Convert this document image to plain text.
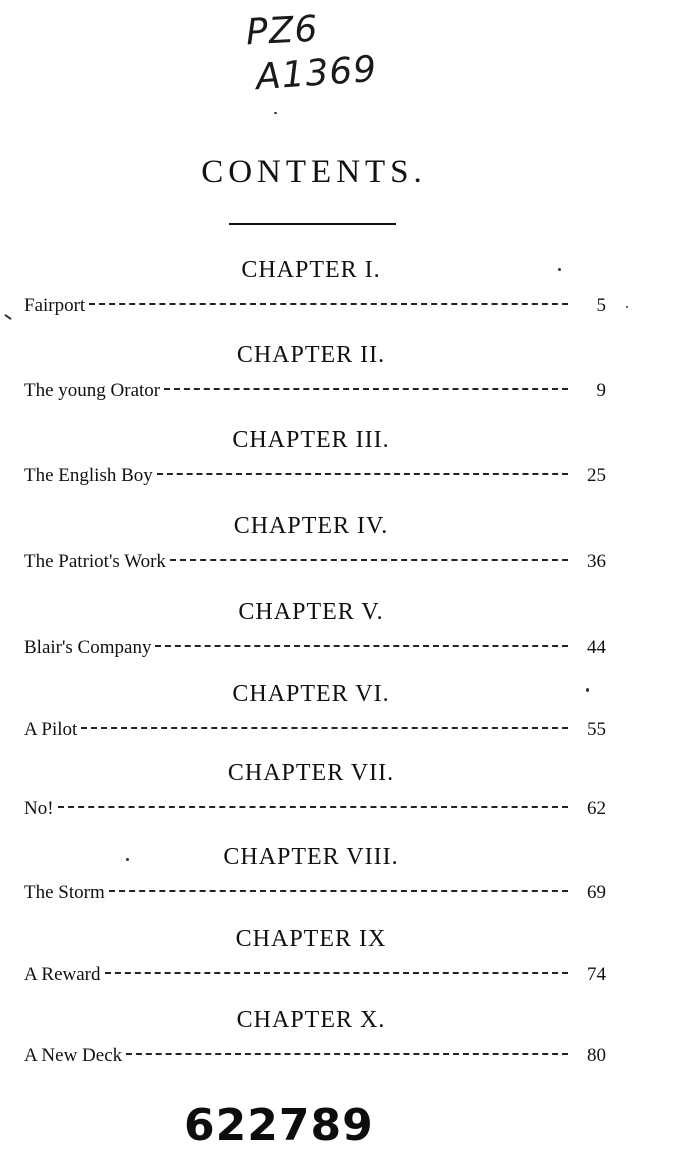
PZ6
A1369
CONTENTS.
CHAPTER I.
Fairport	5
CHAPTER II.
The young Orator	9
CHAPTER III.
The English Boy	25
CHAPTER IV.
The Patriot's Work	36
CHAPTER V.
Blair's Company	44
CHAPTER VI.
A Pilot	55
CHAPTER VII.
No!	62
CHAPTER VIII.
The Storm	69
CHAPTER IX
A Reward	74
CHAPTER X.
A New Deck	80
622789
